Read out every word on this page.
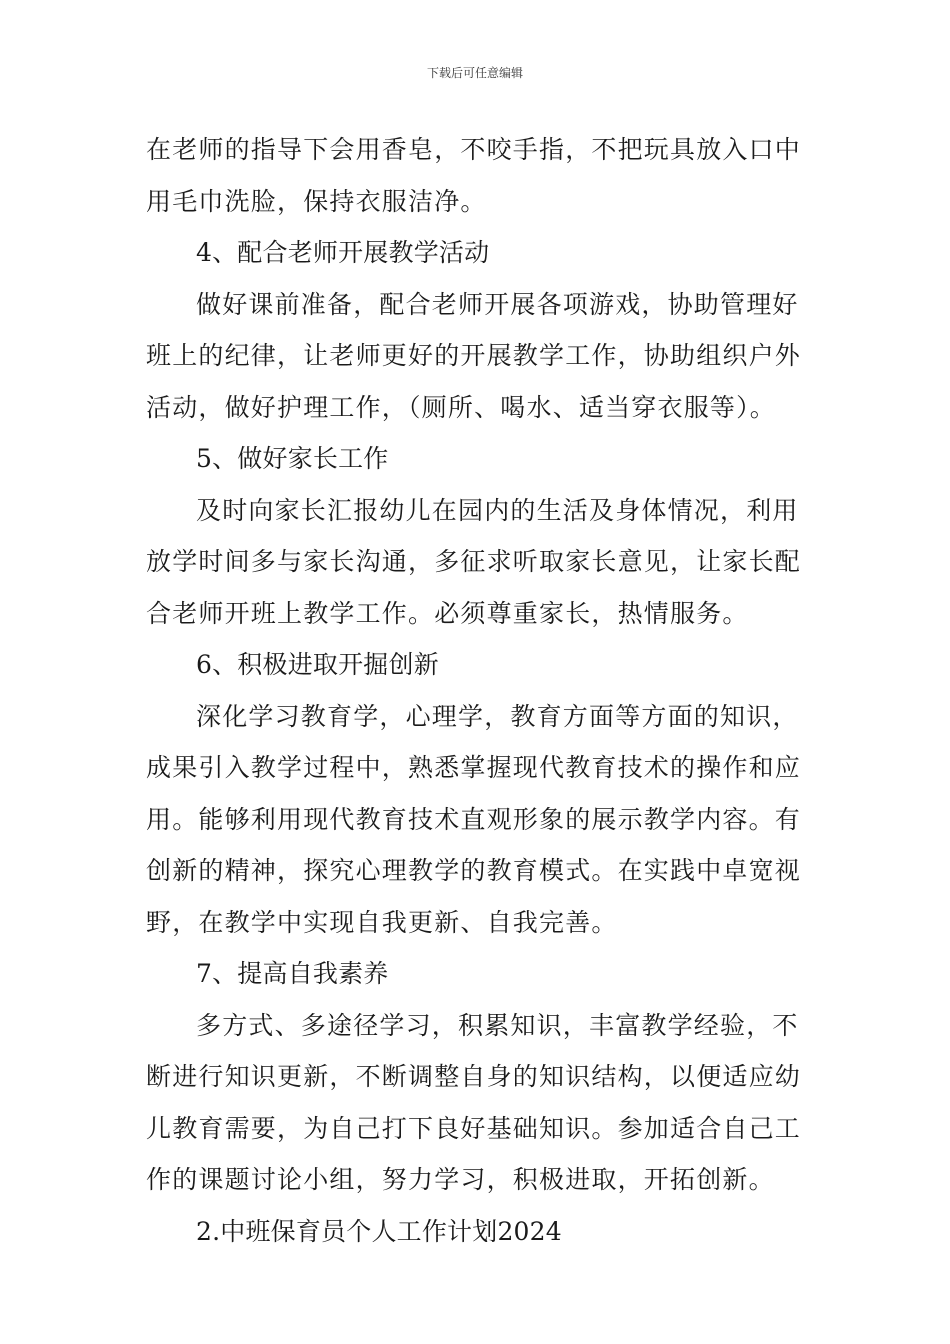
下载后可任意编辑
在老师的指导下会用香皂，不咬手指，不把玩具放入口中
用毛巾洗脸，保持衣服洁净。
4、配合老师开展教学活动
做好课前准备，配合老师开展各项游戏，协助管理好
班上的纪律，让老师更好的开展教学工作，协助组织户外
活动，做好护理工作，（厕所、喝水、适当穿衣服等）。
5、做好家长工作
及时向家长汇报幼儿在园内的生活及身体情况，利用
放学时间多与家长沟通，多征求听取家长意见，让家长配
合老师开班上教学工作。必须尊重家长，热情服务。
6、积极进取开掘创新
深化学习教育学，心理学，教育方面等方面的知识，
成果引入教学过程中，熟悉掌握现代教育技术的操作和应
用。能够利用现代教育技术直观形象的展示教学内容。有
创新的精神，探究心理教学的教育模式。在实践中卓宽视
野，在教学中实现自我更新、自我完善。
7、提高自我素养
多方式、多途径学习，积累知识，丰富教学经验，不
断进行知识更新，不断调整自身的知识结构，以便适应幼
儿教育需要，为自己打下良好基础知识。参加适合自己工
作的课题讨论小组，努力学习，积极进取，开拓创新。
2.中班保育员个人工作计划2024
